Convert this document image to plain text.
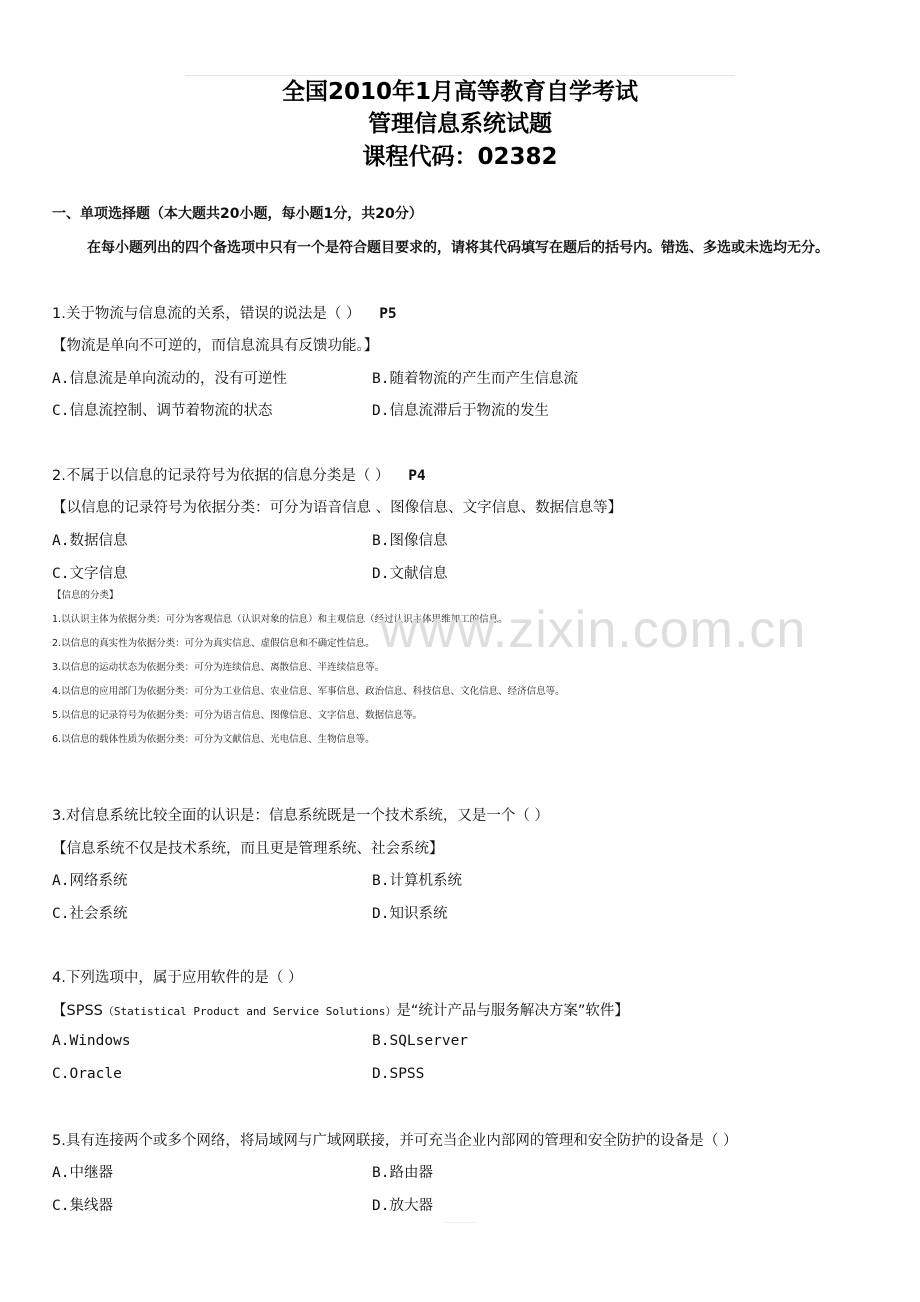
全国2010年1月高等教育自学考试
管理信息系统试题
课程代码：02382
一、单项选择题（本大题共20小题，每小题1分，共20分）
在每小题列出的四个备选项中只有一个是符合题目要求的，请将其代码填写在题后的括号内。错选、多选或未选均无分。
1.关于物流与信息流的关系，错误的说法是（ ） P5
【物流是单向不可逆的，而信息流具有反馈功能。】
A.信息流是单向流动的，没有可逆性	B.随着物流的产生而产生信息流
C.信息流控制、调节着物流的状态	D.信息流滞后于物流的发生
2.不属于以信息的记录符号为依据的信息分类是（ ） P4
【以信息的记录符号为依据分类：可分为语音信息 、图像信息、文字信息、数据信息等】
A.数据信息	B.图像信息
C.文字信息	D.文献信息
【信息的分类】
1.以认识主体为依据分类：可分为客观信息（认识对象的信息）和主观信息（经过认识主体思维加工的信息。
2.以信息的真实性为依据分类：可分为真实信息、虚假信息和不确定性信息。
3.以信息的运动状态为依据分类：可分为连续信息、离散信息、半连续信息等。
4.以信息的应用部门为依据分类：可分为工业信息、农业信息、军事信息、政治信息、科技信息、文化信息、经济信息等。
5.以信息的记录符号为依据分类：可分为语言信息、图像信息、文字信息、数据信息等。
6.以信息的载体性质为依据分类：可分为文献信息、光电信息、生物信息等。
www.zixin.com.cn
3.对信息系统比较全面的认识是：信息系统既是一个技术系统，又是一个（ ）
【信息系统不仅是技术系统，而且更是管理系统、社会系统】
A.网络系统	B.计算机系统
C.社会系统	D.知识系统
4.下列选项中，属于应用软件的是（ ）
【SPSS（Statistical Product and Service Solutions）是“统计产品与服务解决方案”软件】
A.Windows	B.SQLserver
C.Oracle	D.SPSS
5.具有连接两个或多个网络，将局域网与广域网联接，并可充当企业内部网的管理和安全防护的设备是（ ）
A.中继器	B.路由器
C.集线器	D.放大器
